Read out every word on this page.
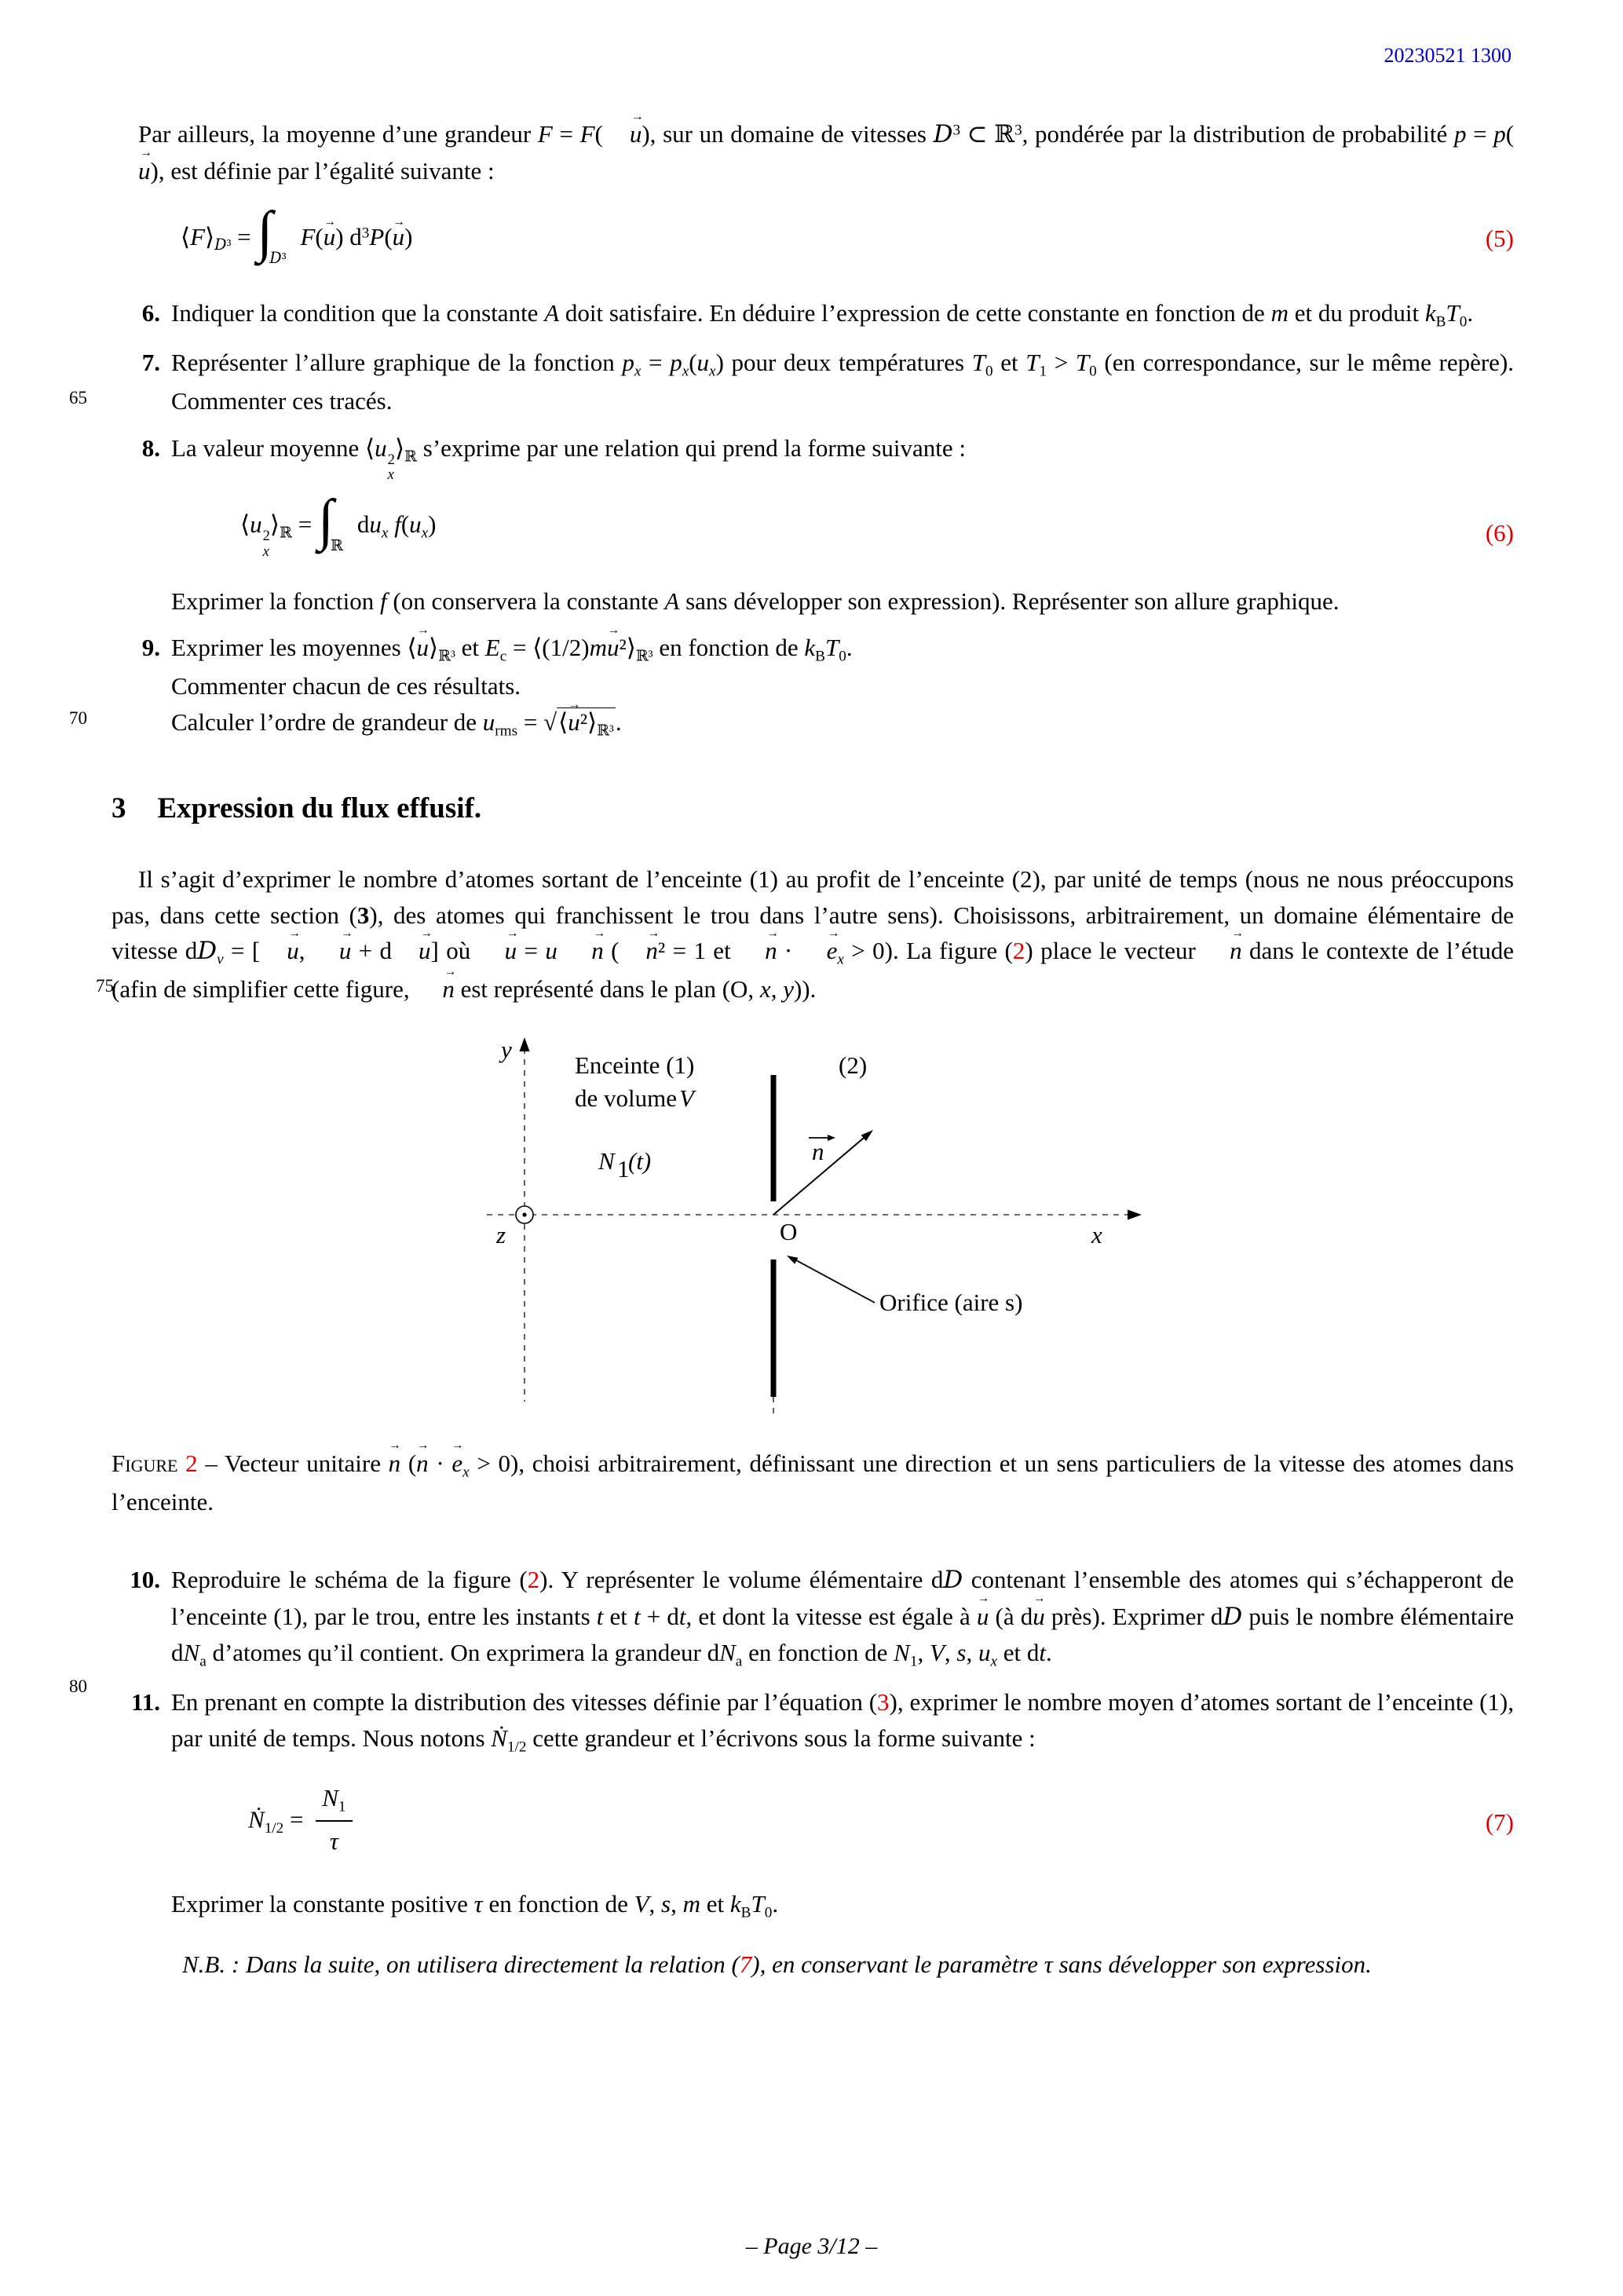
20230521 1300

Par ailleurs, la moyenne d’une grandeur F = F( u →), sur un domaine de vitesses $D^3$ ⊂ ℝ$^3$, pondérée par la distribution de probabilité p = p(u →), est définie par l’égalité suivante :

$⟨F⟩_{D^3} = \int_{D^3}F(u$ →) $d^3P(u$ →)	(5)
6. Indiquer la condition que la constante A doit satisfaire. En déduire l’expression de cette constante en fonction de m et du produit $k_BT_0$.
65
7. Représenter l’allure graphique de la fonction $p_x = p_x(u_x)$ pour deux températures $T_0$ et $T_1 > T_0$ (en correspondance, sur le même repère). Commenter ces tracés.
8. La valeur moyenne ⟨u 2
x
$⟩_ℝ$ s’exprime par une relation qui prend la forme suivante :

⟨u 2
x
$⟩_ℝ = \int_ℝdu_x$ $f(u_x)$	(6)

Exprimer la fonction f (on conservera la constante A sans développer son expression). Représenter son allure graphique.

70
9. Exprimer les moyennes ⟨u $\to⟩_{ℝ^3}$ et $E_c$ = ⟨(1/2)mu $\to^2⟩_{ℝ^3}$ en fonction de $k_BT_0$.

Commenter chacun de ces résultats.

Calculer l’ordre de grandeur de $u_{rms}$ = √⟨u $\to^2⟩_{ℝ^3}$.

3 Expression du flux effusif.

75
Il s’agit d’exprimer le nombre d’atomes sortant de l’enceinte (1) au profit de l’enceinte (2), par unité de temps (nous ne nous préoccupons pas, dans cette section (3), des atomes qui franchissent le trou dans l’autre sens). Choisissons, arbitrairement, un domaine élémentaire de vitesse $dD_v$ = [ u →, u → + d u →] où u → = u n → ( n →² = 1 et n → · $e \to_x > 0$). La figure (2) place le vecteur n → dans le contexte de l’étude (afin de simplifier cette figure, n → est représenté dans le plan (O, x, y)).

y
x
O
n
z
Enceinte (1)
de volume V
(2)
N 1
(t)
Orifice (aire s)

Figure 2 – Vecteur unitaire n → (n → · $e \to_x > 0$), choisi arbitrairement, définissant une direction et un sens particuliers de la vitesse des atomes dans l’enceinte.

80
10. Reproduire le schéma de la figure (2). Y représenter le volume élémentaire dD contenant l’ensemble des atomes qui s’échapperont de l’enceinte (1), par le trou, entre les instants t et t + dt, et dont la vitesse est égale à u → (à du → près). Exprimer dD puis le nombre élémentaire $dN_a$ d’atomes qu’il contient. On exprimera la grandeur $dN_a$ en fonction de $N_1$, V, s, $u_x$ et dt.
11. En prenant en compte la distribution des vitesses définie par l’équation (3), exprimer le nombre moyen d’atomes sortant de l’enceinte (1), par unité de temps. Nous notons Ṅ$_{1/2}$ cette grandeur et l’écrivons sous la forme suivante :

Ṅ$_{1/2}$ = $\frac{N_1}{\tau}$	(7)

Exprimer la constante positive τ en fonction de V, s, m et $k_BT_0$.

N.B. : Dans la suite, on utilisera directement la relation (7), en conservant le paramètre τ sans développer son expression.

– Page 3/12 –
